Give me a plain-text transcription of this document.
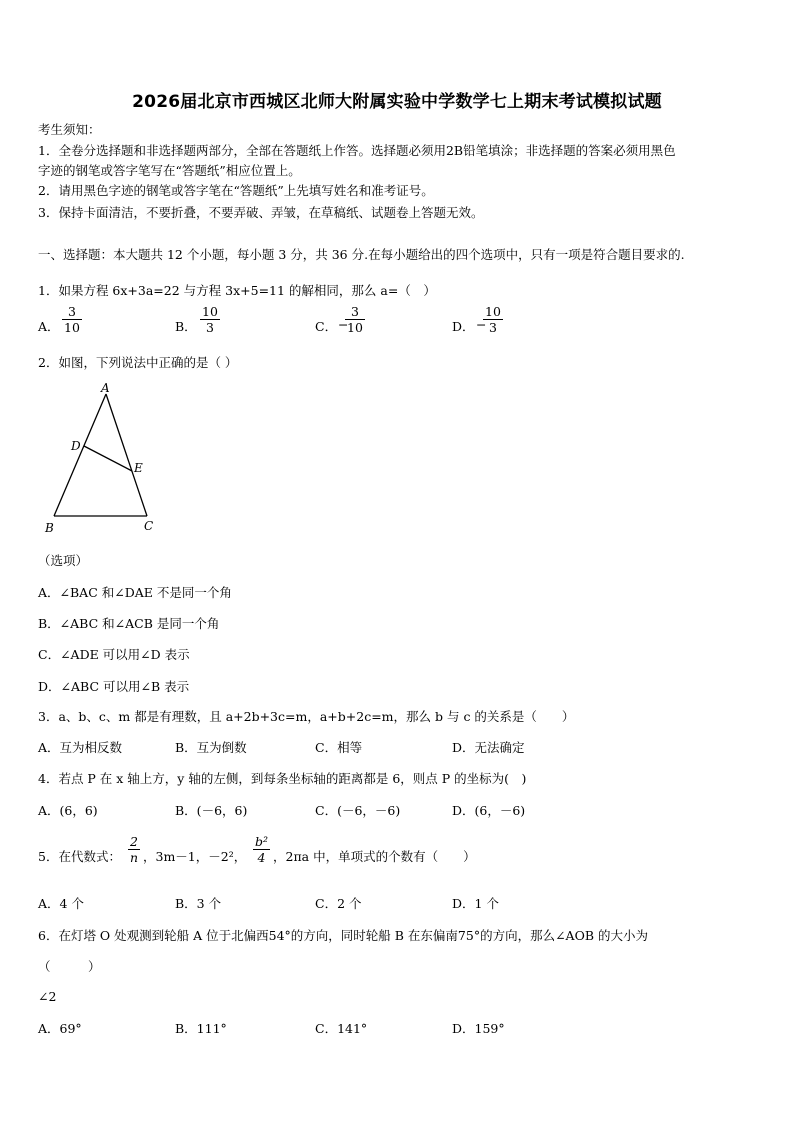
2026届北京市西城区北师大附属实验中学数学七上期末考试模拟试题
考生须知：
1．全卷分选择题和非选择题两部分，全部在答题纸上作答。选择题必须用2B铅笔填涂；非选择题的答案必须用黑色
字迹的钢笔或答字笔写在“答题纸”相应位置上。
2．请用黑色字迹的钢笔或答字笔在“答题纸”上先填写姓名和准考证号。
3．保持卡面清洁，不要折叠，不要弄破、弄皱，在草稿纸、试题卷上答题无效。
一、选择题：本大题共 12 个小题，每小题 3 分，共 36 分.在每小题给出的四个选项中，只有一项是符合题目要求的.
1．如果方程 6x+3a=22 与方程 3x+5=11 的解相同，那么 a=（　）
A．
3
10	B．
10
3	C． −
3
10	D． −
10
3
2．如图，下列说法中正确的是（ ）
A
D
E
B	C
（选项）
A．∠BAC 和∠DAE 不是同一个角
B．∠ABC 和∠ACB 是同一个角
C．∠ADE 可以用∠D 表示
D．∠ABC 可以用∠B 表示
3．a、b、c、m 都是有理数，且 a+2b+3c=m，a+b+2c=m，那么 b 与 c 的关系是（　　）
A．互为相反数	B．互为倒数	C．相等	D．无法确定
4．若点 P 在 x 轴上方，y 轴的左侧，到每条坐标轴的距离都是 6，则点 P 的坐标为(　)
A．(6，6)	B．(－6，6)	C．(－6，－6)	D．(6，－6)
5．在代数式：
2
n ，3m－1，－2²，
b²
4 ，2πa 中，单项式的个数有（　　）
A．4 个	B．3 个	C．2 个	D．1 个
6．在灯塔 O 处观测到轮船 A 位于北偏西54°的方向，同时轮船 B 在东偏南75°的方向，那么∠AOB 的大小为
（　　　）
∠2
A．69°	B．111°	C．141°	D．159°
